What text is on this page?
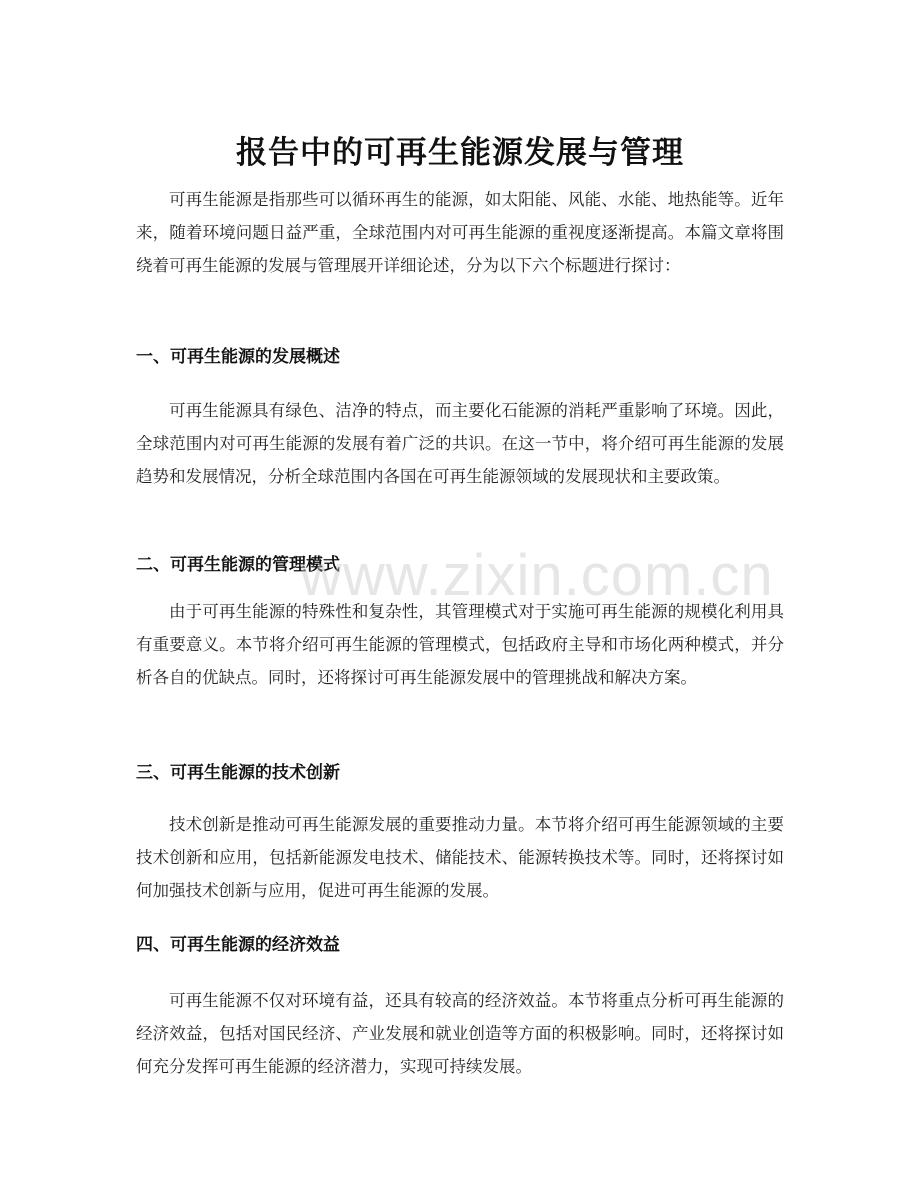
报告中的可再生能源发展与管理

可再生能源是指那些可以循环再生的能源，如太阳能、风能、水能、地热能等。近年来，随着环境问题日益严重，全球范围内对可再生能源的重视度逐渐提高。本篇文章将围绕着可再生能源的发展与管理展开详细论述，分为以下六个标题进行探讨：

一、可再生能源的发展概述

可再生能源具有绿色、洁净的特点，而主要化石能源的消耗严重影响了环境。因此，全球范围内对可再生能源的发展有着广泛的共识。在这一节中，将介绍可再生能源的发展趋势和发展情况，分析全球范围内各国在可再生能源领域的发展现状和主要政策。

二、可再生能源的管理模式

由于可再生能源的特殊性和复杂性，其管理模式对于实施可再生能源的规模化利用具有重要意义。本节将介绍可再生能源的管理模式，包括政府主导和市场化两种模式，并分析各自的优缺点。同时，还将探讨可再生能源发展中的管理挑战和解决方案。

三、可再生能源的技术创新

技术创新是推动可再生能源发展的重要推动力量。本节将介绍可再生能源领域的主要技术创新和应用，包括新能源发电技术、储能技术、能源转换技术等。同时，还将探讨如何加强技术创新与应用，促进可再生能源的发展。

四、可再生能源的经济效益

可再生能源不仅对环境有益，还具有较高的经济效益。本节将重点分析可再生能源的经济效益，包括对国民经济、产业发展和就业创造等方面的积极影响。同时，还将探讨如何充分发挥可再生能源的经济潜力，实现可持续发展。

www.zixin.com.cn
